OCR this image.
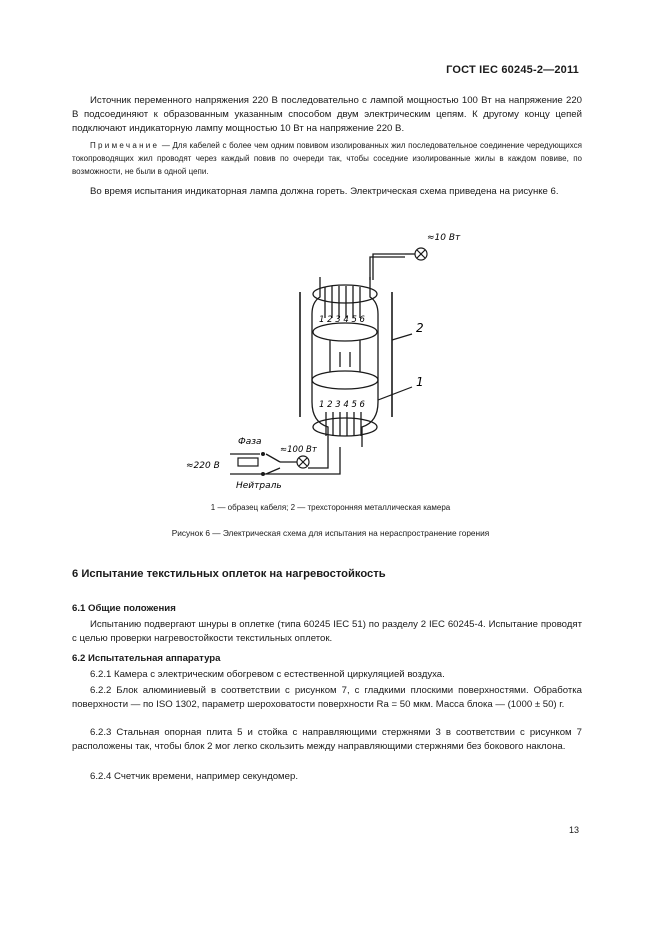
ГОСТ IEC 60245-2—2011

Источник переменного напряжения 220 В последовательно с лампой мощностью 100 Вт на напряжение 220 В подсоединяют к образованным указанным способом двум электрическим цепям. К другому концу цепей подключают индикаторную лампу мощностью 10 Вт на напряжение 220 В.

Примечание — Для кабелей с более чем одним повивом изолированных жил последовательное соединение чередующихся токопроводящих жил проводят через каждый повив по очереди так, чтобы соседние изолированные жилы в каждом повиве, по возможности, не были в одной цепи.

Во время испытания индикаторная лампа должна гореть. Электрическая схема приведена на рисунке 6.

≈10 Вт
≈100 Вт
Фаза
Нейтраль
≈220 В
2
1
1 2 3 4 5 6
1 2 3 4 5 6
1 — образец кабеля; 2 — трехсторонняя металлическая камера
Рисунок 6 — Электрическая схема для испытания на нераспространение горения
6 Испытание текстильных оплеток на нагревостойкость
6.1 Общие положения

Испытанию подвергают шнуры в оплетке (типа 60245 IEC 51) по разделу 2 IEC 60245-4. Испытание проводят с целью проверки нагревостойкости текстильных оплеток.

6.2 Испытательная аппаратура

6.2.1 Камера с электрическим обогревом с естественной циркуляцией воздуха.

6.2.2 Блок алюминиевый в соответствии с рисунком 7, с гладкими плоскими поверхностями. Обработка поверхности — по ISO 1302, параметр шероховатости поверхности Ra = 50 мкм. Масса блока — (1000 ± 50) г.

6.2.3 Стальная опорная плита 5 и стойка с направляющими стержнями 3 в соответствии с рисунком 7 расположены так, чтобы блок 2 мог легко скользить между направляющими стержнями без бокового наклона.

6.2.4 Счетчик времени, например секундомер.

13
